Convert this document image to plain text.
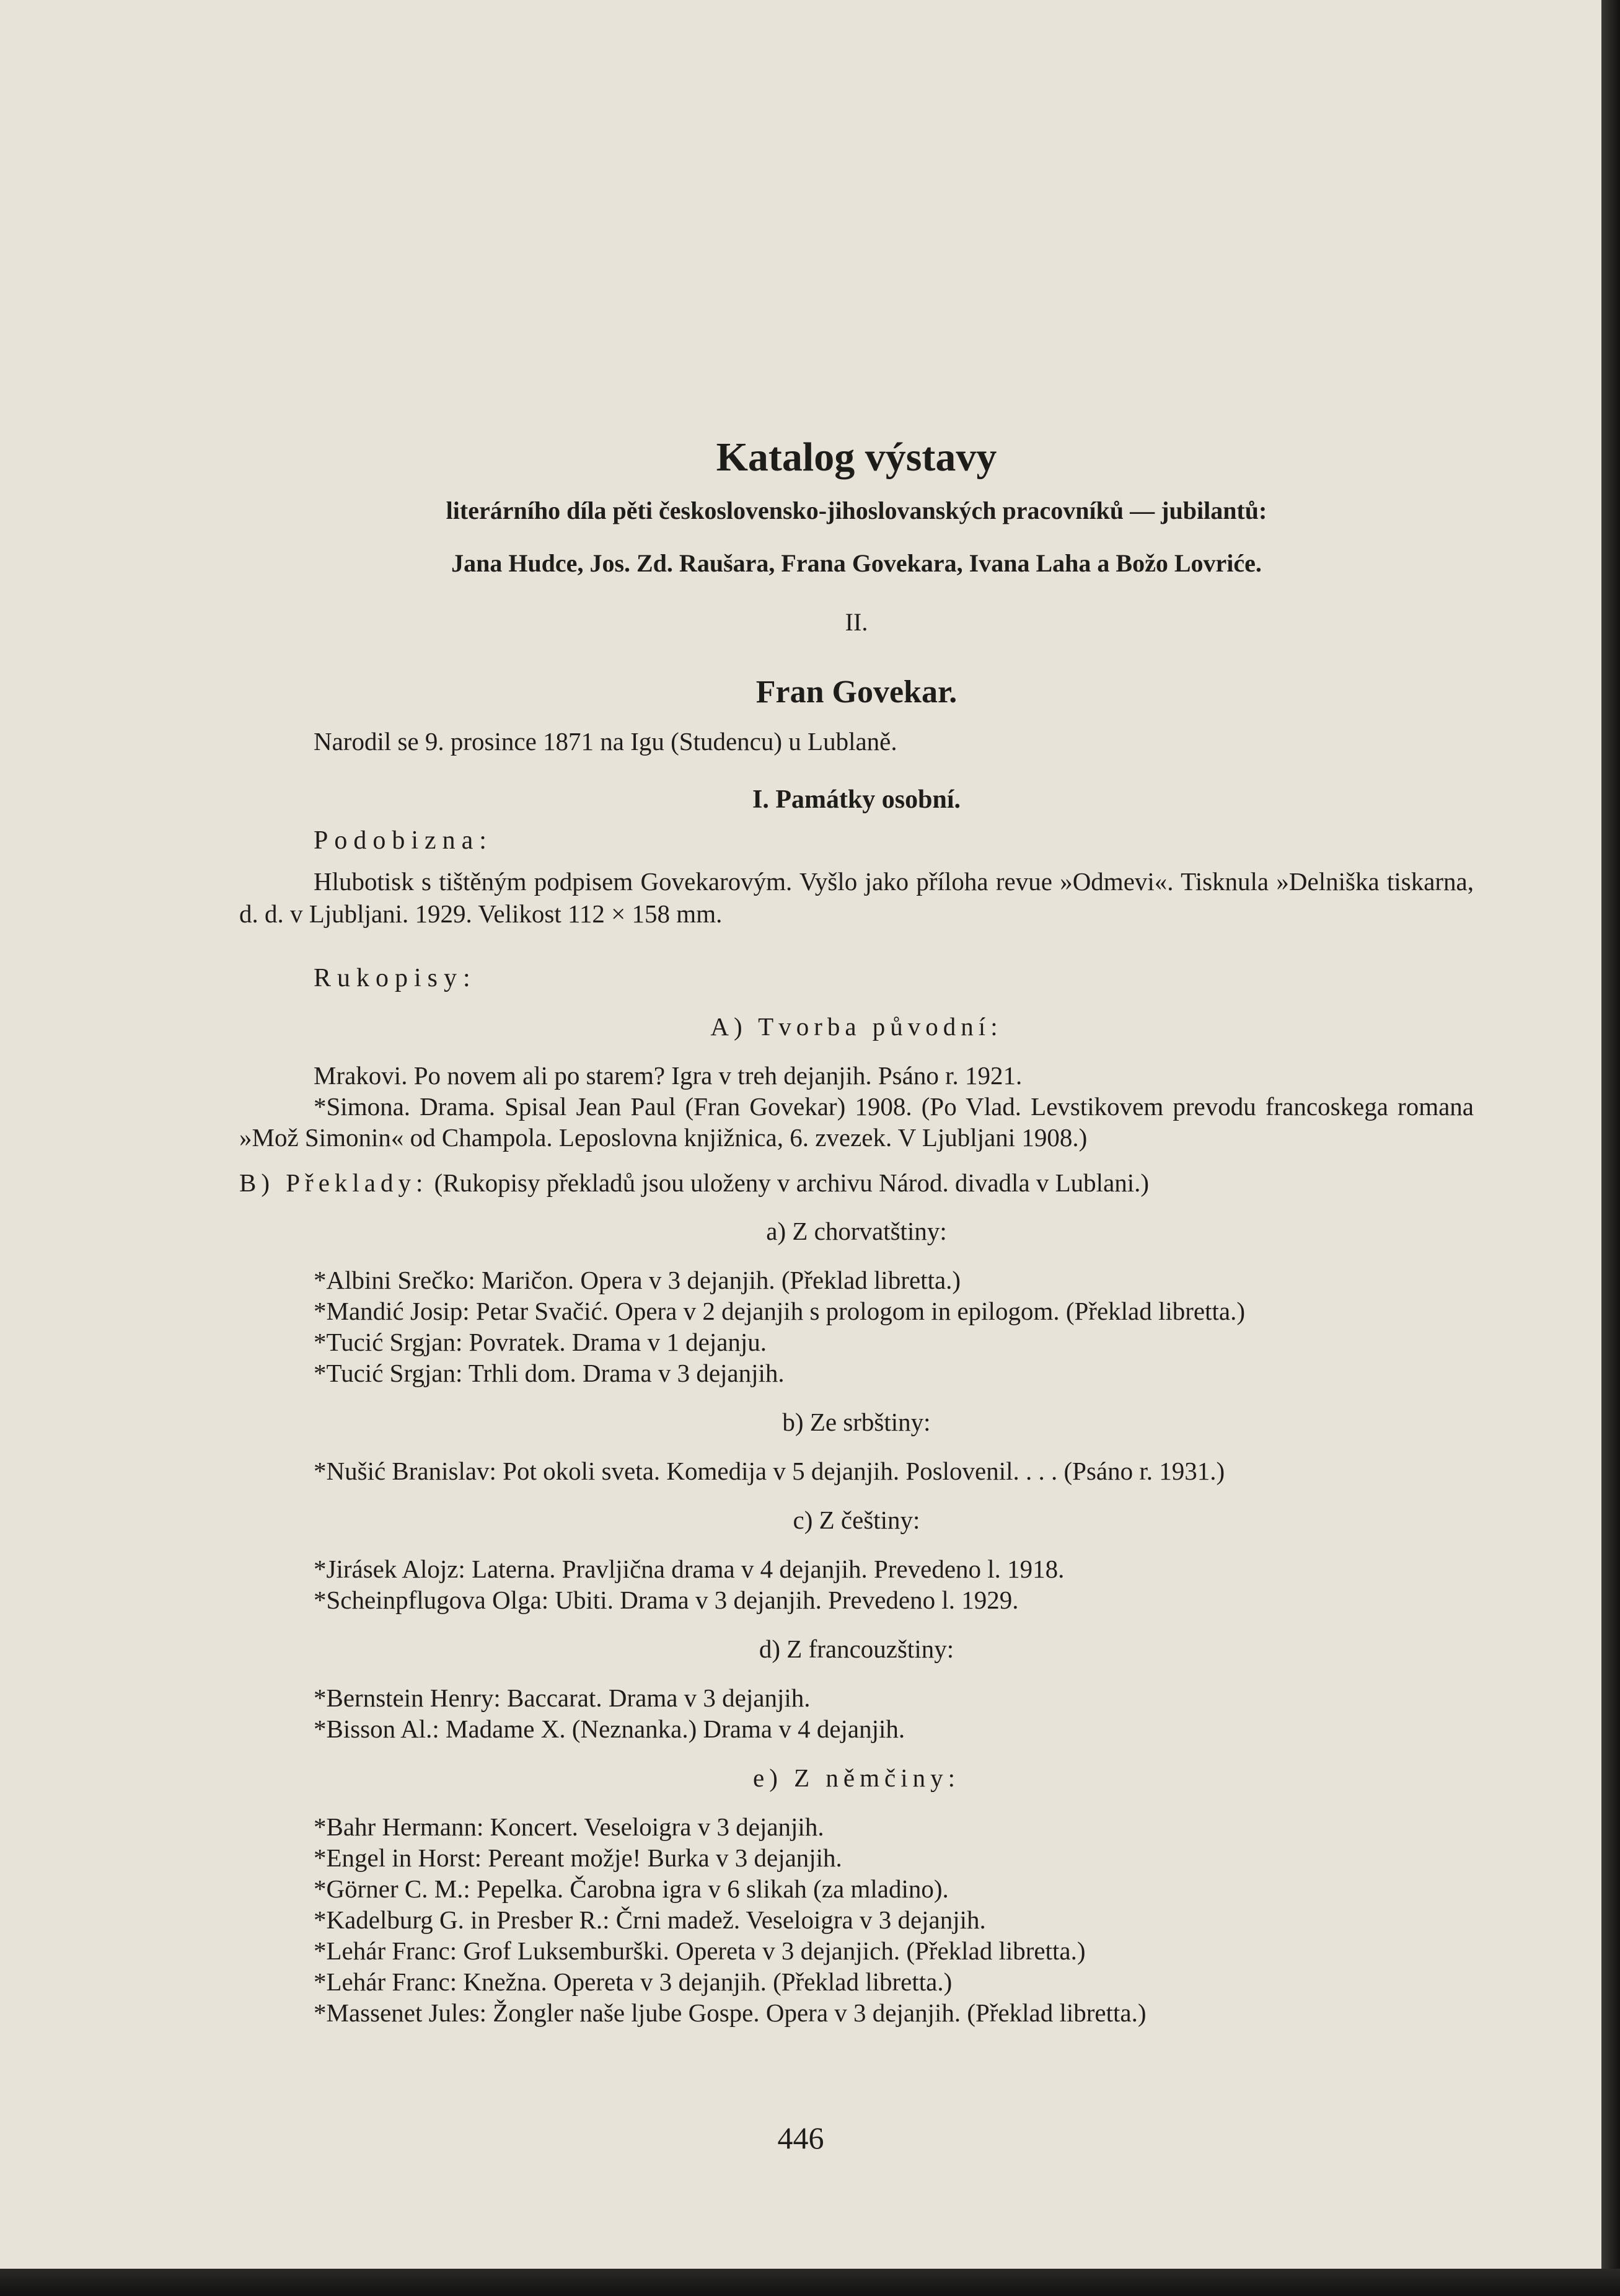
Katalog výstavy

literárního díla pěti československo-jihoslovanských pracovníků — jubilantů:

Jana Hudce, Jos. Zd. Raušara, Frana Govekara, Ivana Laha a Božo Lovriće.

II.

Fran Govekar.

Narodil se 9. prosince 1871 na Igu (Studencu) u Lublaně.

I. Památky osobní.

Podobizna:

Hlubotisk s tištěným podpisem Govekarovým. Vyšlo jako příloha revue »Odmevi«. Tisknula »Delniška tiskarna, d. d. v Ljubljani. 1929. Velikost 112 × 158 mm.

Rukopisy:

A) Tvorba původní:

Mrakovi. Po novem ali po starem? Igra v treh dejanjih. Psáno r. 1921.

*Simona. Drama. Spisal Jean Paul (Fran Govekar) 1908. (Po Vlad. Levstikovem prevodu francoskega romana »Mož Simonin« od Champola. Leposlovna knjižnica, 6. zvezek. V Ljubljani 1908.)

B) Překlady: (Rukopisy překladů jsou uloženy v archivu Národ. divadla v Lublani.)

a) Z chorvatštiny:

*Albini Srečko: Maričon. Opera v 3 dejanjih. (Překlad libretta.)

*Mandić Josip: Petar Svačić. Opera v 2 dejanjih s prologom in epilogom. (Překlad libretta.)

*Tucić Srgjan: Povratek. Drama v 1 dejanju.

*Tucić Srgjan: Trhli dom. Drama v 3 dejanjih.

b) Ze srbštiny:

*Nušić Branislav: Pot okoli sveta. Komedija v 5 dejanjih. Poslovenil. . . . (Psáno r. 1931.)

c) Z češtiny:

*Jirásek Alojz: Laterna. Pravljična drama v 4 dejanjih. Prevedeno l. 1918.

*Scheinpflugova Olga: Ubiti. Drama v 3 dejanjih. Prevedeno l. 1929.

d) Z francouzštiny:

*Bernstein Henry: Baccarat. Drama v 3 dejanjih.

*Bisson Al.: Madame X. (Neznanka.) Drama v 4 dejanjih.

e) Z němčiny:

*Bahr Hermann: Koncert. Veseloigra v 3 dejanjih.

*Engel in Horst: Pereant možje! Burka v 3 dejanjih.

*Görner C. M.: Pepelka. Čarobna igra v 6 slikah (za mladino).

*Kadelburg G. in Presber R.: Črni madež. Veseloigra v 3 dejanjih.

*Lehár Franc: Grof Luksemburški. Opereta v 3 dejanjich. (Překlad libretta.)

*Lehár Franc: Knežna. Opereta v 3 dejanjih. (Překlad libretta.)

*Massenet Jules: Žongler naše ljube Gospe. Opera v 3 dejanjih. (Překlad libretta.)

446
